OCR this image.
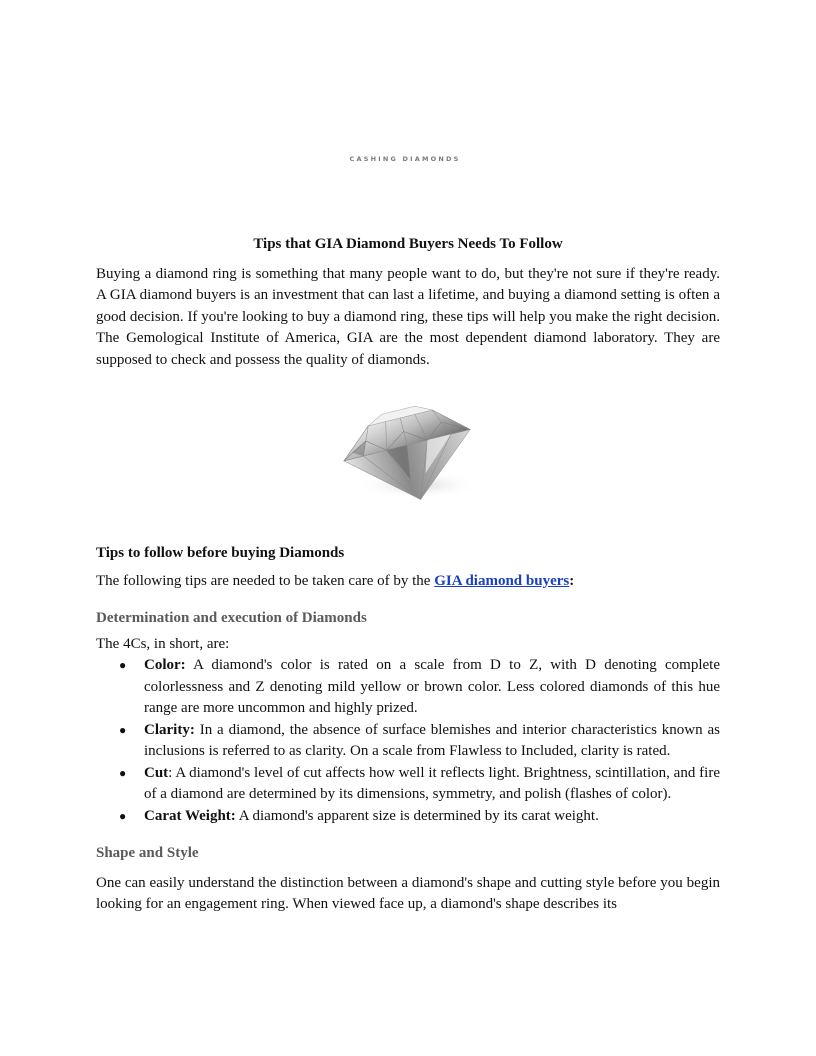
CASHING DIAMONDS

Tips that GIA Diamond Buyers Needs To Follow

Buying a diamond ring is something that many people want to do, but they're not sure if they're ready. A GIA diamond buyers is an investment that can last a lifetime, and buying a diamond setting is often a good decision. If you're looking to buy a diamond ring, these tips will help you make the right decision. The Gemological Institute of America, GIA are the most dependent diamond laboratory. They are supposed to check and possess the quality of diamonds.

Tips to follow before buying Diamonds

The following tips are needed to be taken care of by the GIA diamond buyers:

Determination and execution of Diamonds

The 4Cs, in short, are:

● Color: A diamond's color is rated on a scale from D to Z, with D denoting complete colorlessness and Z denoting mild yellow or brown color. Less colored diamonds of this hue range are more uncommon and highly prized.
● Clarity: In a diamond, the absence of surface blemishes and interior characteristics known as inclusions is referred to as clarity. On a scale from Flawless to Included, clarity is rated.
● Cut: A diamond's level of cut affects how well it reflects light. Brightness, scintillation, and fire of a diamond are determined by its dimensions, symmetry, and polish (flashes of color).
● Carat Weight: A diamond's apparent size is determined by its carat weight.

Shape and Style

One can easily understand the distinction between a diamond's shape and cutting style before you begin looking for an engagement ring. When viewed face up, a diamond's shape describes its
